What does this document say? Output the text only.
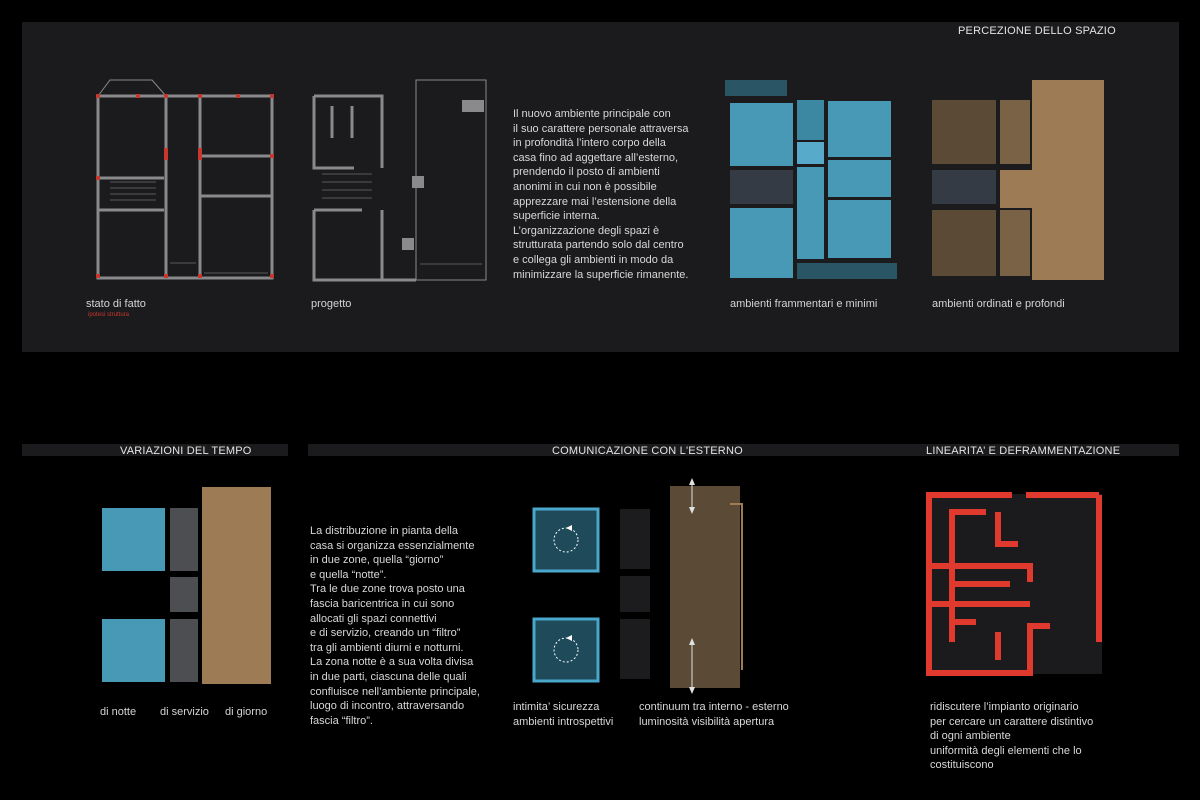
PERCEZIONE DELLO SPAZIO
stato di fatto
ipotesi struttura
progetto
Il nuovo ambiente principale con
il suo carattere personale attraversa
in profondità l’intero corpo della
casa fino ad aggettare all’esterno,
prendendo il posto di ambienti
anonimi in cui non è possibile
apprezzare mai l’estensione della
superficie interna.
L’organizzazione degli spazi è
strutturata partendo solo dal centro
e collega gli ambienti in modo da
minimizzare la superficie rimanente.
ambienti frammentari e minimi	ambienti ordinati e profondi
VARIAZIONI DEL TEMPO	COMUNICAZIONE CON L'ESTERNO	LINEARITA’ E DEFRAMMENTAZIONE
di notte di servizio di giorno
La distribuzione in pianta della
casa si organizza essenzialmente
in due zone, quella “giorno”
e quella “notte”.
Tra le due zone trova posto una
fascia baricentrica in cui sono
allocati gli spazi connettivi
e di servizio, creando un “filtro”
tra gli ambienti diurni e notturni.
La zona notte è a sua volta divisa
in due parti, ciascuna delle quali
confluisce nell’ambiente principale,
luogo di incontro, attraversando
fascia “filtro”.
intimita’ sicurezza
ambienti introspettivi
continuum tra interno - esterno
luminosità visibilità apertura
ridiscutere l’impianto originario
per cercare un carattere distintivo
di ogni ambiente
uniformità degli elementi che lo
costituiscono
